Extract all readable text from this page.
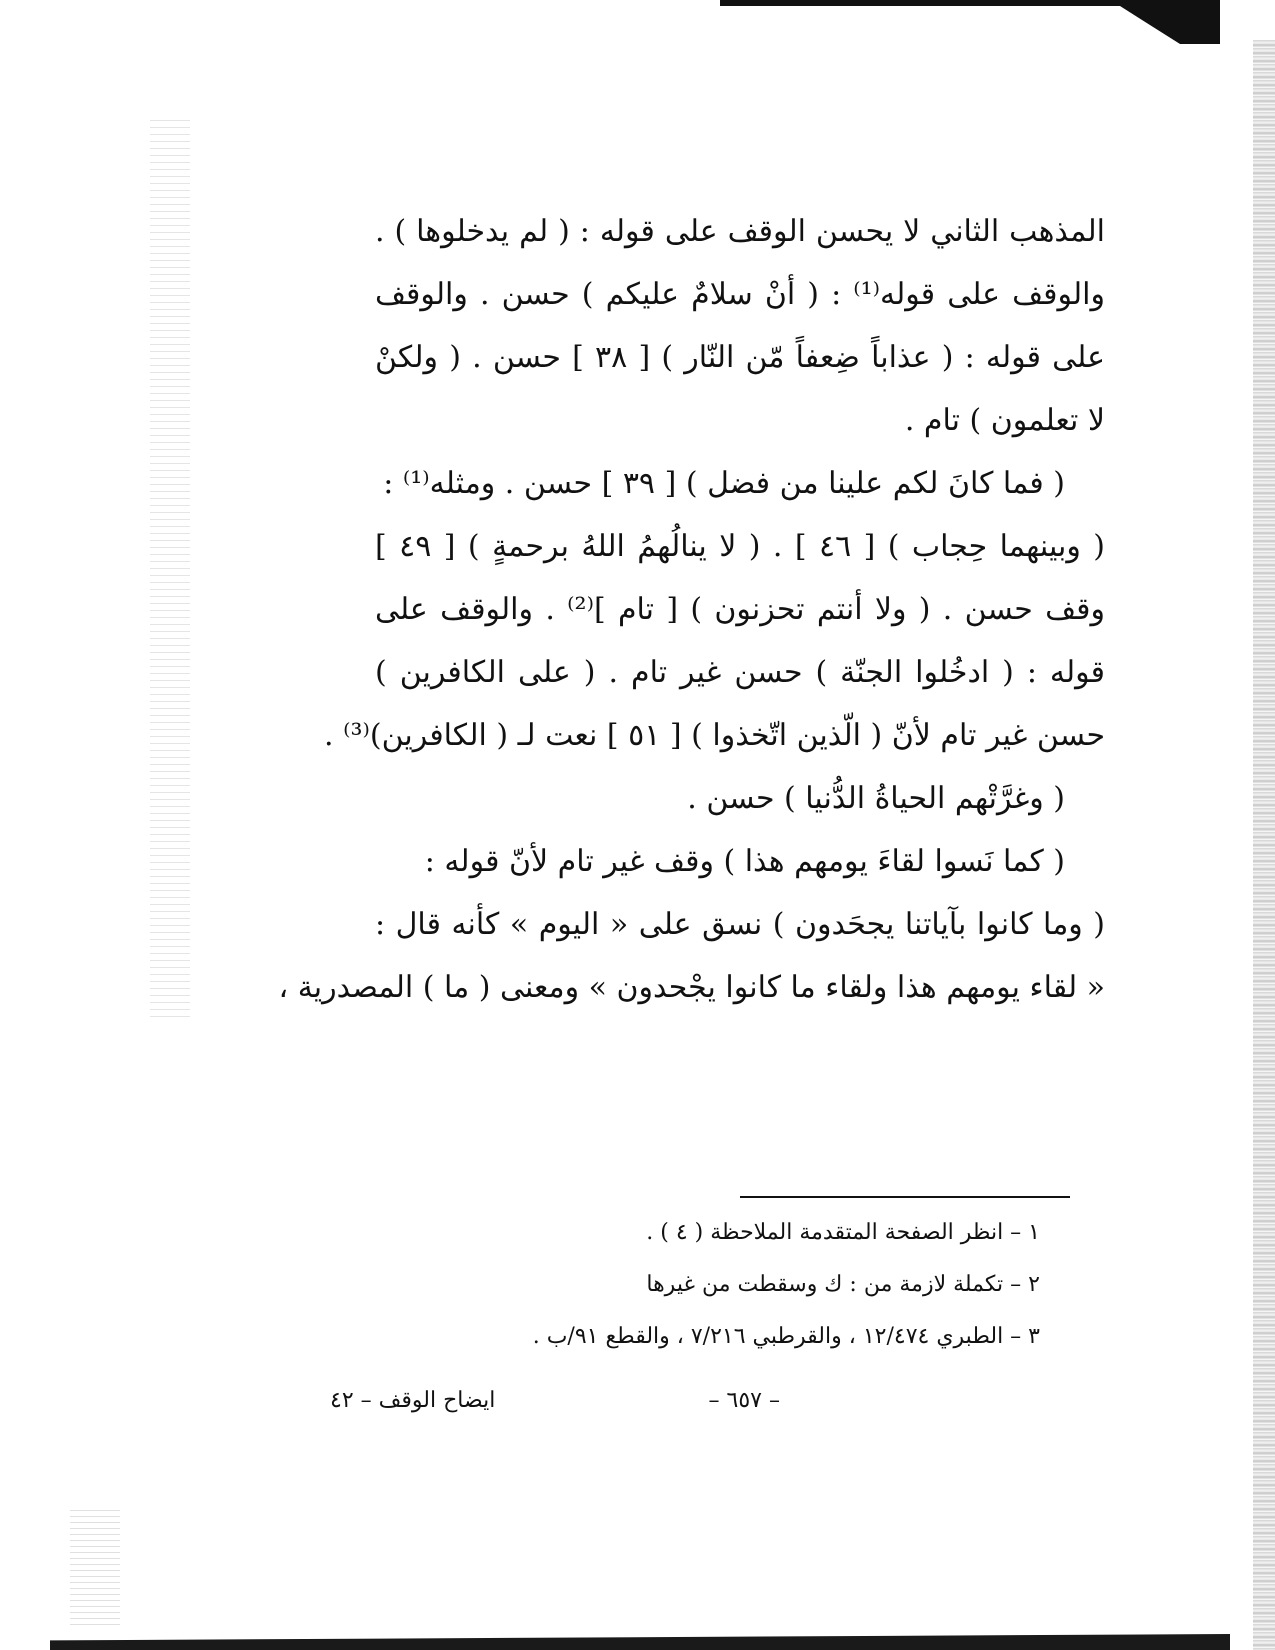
المذهب الثاني لا يحسن الوقف على قوله : ( لم يدخلوها ) .
والوقف على قوله⁽¹⁾ : ( أنْ سلامٌ عليكم ) حسن . والوقف
على قوله : ( عذاباً ضِعفاً مّن النّار ) [ ٣٨ ] حسن . ( ولكنْ
لا تعلمون ) تام .
( فما كانَ لكم علينا من فضل ) [ ٣٩ ] حسن . ومثله⁽¹⁾ :
( وبينهما حِجاب ) [ ٤٦ ] . ( لا ينالُهمُ اللهُ برحمةٍ ) [ ٤٩ ]
وقف حسن . ( ولا أنتم تحزنون ) [ تام ]⁽²⁾ . والوقف على
قوله : ( ادخُلوا الجنّة ) حسن غير تام . ( على الكافرين )
حسن غير تام لأنّ ( الّذين اتّخذوا ) [ ٥١ ] نعت لـ ( الكافرين)⁽³⁾ .
( وغرَّتْهم الحياةُ الدُّنيا ) حسن .
( كما نَسوا لقاءَ يومهم هذا ) وقف غير تام لأنّ قوله :
( وما كانوا بآياتنا يجحَدون ) نسق على « اليوم » كأنه قال :
« لقاء يومهم هذا ولقاء ما كانوا يجْحدون » ومعنى ( ما ) المصدرية ،
١ – انظر الصفحة المتقدمة الملاحظة ( ٤ ) .
٢ – تكملة لازمة من : ك وسقطت من غيرها
٣ – الطبري ١٢/٤٧٤ ، والقرطبي ٧/٢١٦ ، والقطع ٩١/ب .
– ٦٥٧ –
ايضاح الوقف – ٤٢
